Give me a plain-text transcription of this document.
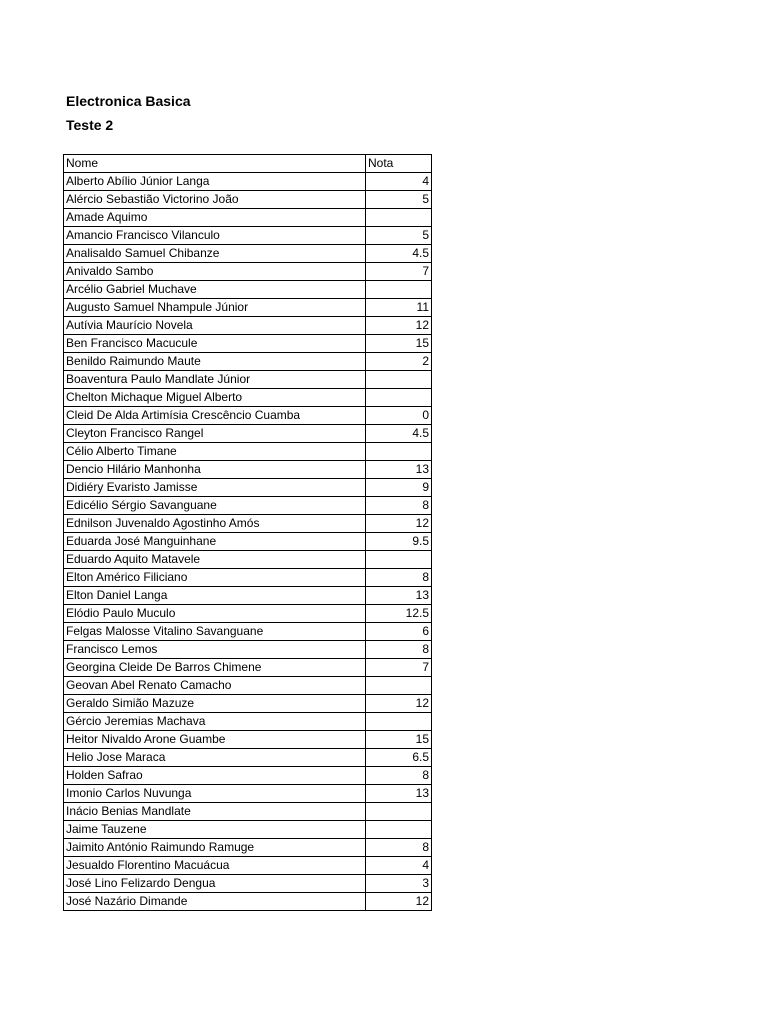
Electronica Basica
Teste 2
Nome	Nota
Alberto Abílio Júnior Langa	4
Alércio Sebastião Victorino João	5
Amade Aquimo	
Amancio Francisco Vilanculo	5
Analisaldo Samuel Chibanze	4.5
Anivaldo Sambo	7
Arcélio Gabriel Muchave	
Augusto Samuel Nhampule Júnior	11
Autívia Maurício Novela	12
Ben Francisco Macucule	15
Benildo Raimundo Maute	2
Boaventura Paulo Mandlate Júnior	
Chelton Michaque Miguel Alberto	
Cleid De Alda Artimísia Crescêncio Cuamba	0
Cleyton Francisco Rangel	4.5
Célio Alberto Timane	
Dencio Hilário Manhonha	13
Didiéry Evaristo Jamisse	9
Edicélio Sérgio Savanguane	8
Ednilson Juvenaldo Agostinho Amós	12
Eduarda José Manguinhane	9.5
Eduardo Aquito Matavele	
Elton Américo Filiciano	8
Elton Daniel Langa	13
Elódio Paulo Muculo	12.5
Felgas Malosse Vitalino Savanguane	6
Francisco Lemos	8
Georgina Cleide De Barros Chimene	7
Geovan Abel Renato Camacho	
Geraldo Simião Mazuze	12
Gércio Jeremias Machava	
Heitor Nivaldo Arone Guambe	15
Helio Jose Maraca	6.5
Holden Safrao	8
Imonio Carlos Nuvunga	13
Inácio Benias Mandlate	
Jaime Tauzene	
Jaimito António Raimundo Ramuge	8
Jesualdo Florentino Macuácua	4
José Lino Felizardo Dengua	3
José Nazário Dimande	12
